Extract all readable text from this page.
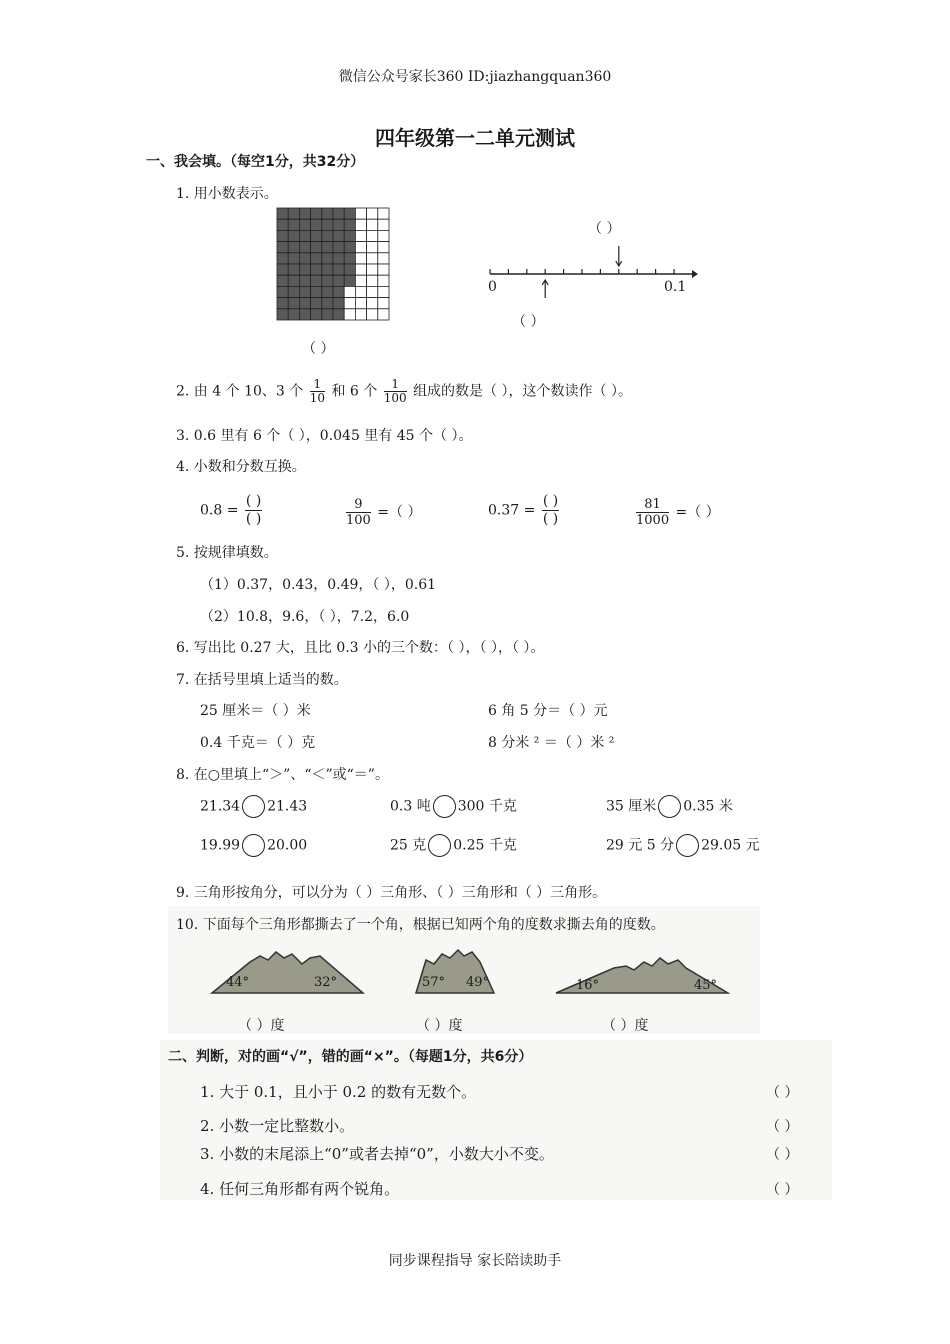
微信公众号家长360 ID:jiazhangquan360
四年级第一二单元测试
一、我会填。（每空1分，共32分）
1. 用小数表示。
（ ）
（ ）
0	0.1
（ ）
2. 由 4 个 10、3 个 $\frac{1}{10}$ 和 6 个 $\frac{1}{100}$ 组成的数是（ ），这个数读作（ ）。
3. 0.6 里有 6 个（ ），0.045 里有 45 个（ ）。
4. 小数和分数互换。
0.8 =
( )
( )	$\frac{9}{100}$ =（ ）	0.37 =
( )
( )	$\frac{81}{1000}$ =（ ）
5. 按规律填数。
（1）0.37，0.43，0.49，（ ），0.61
（2）10.8，9.6，（ ），7.2，6.0
6. 写出比 0.27 大，且比 0.3 小的三个数：（ ），（ ），（ ）。
7. 在括号里填上适当的数。
25 厘米＝（ ）米	6 角 5 分＝（ ）元
0.4 千克＝（ ）克	8 分米 ² ＝（ ）米 ²
8. 在○里填上“＞”、“＜”或“＝”。
21.34 21.43	0.3 吨 300 千克	35 厘米 0.35 米
19.99 20.00	25 克 0.25 千克	29 元 5 分 29.05 元
9. 三角形按角分，可以分为（ ）三角形、（ ）三角形和（ ）三角形。
10. 下面每个三角形都撕去了一个角，根据已知两个角的度数求撕去角的度数。
44°	32°	57° 49°	16°	45°
（ ）度	（ ）度	（ ）度
二、判断，对的画“√”，错的画“×”。（每题1分，共6分）
1. 大于 0.1，且小于 0.2 的数有无数个。	（ ）
2. 小数一定比整数小。	（ ）
3. 小数的末尾添上“0”或者去掉“0”，小数大小不变。	（ ）
4. 任何三角形都有两个锐角。	（ ）
同步课程指导 家长陪读助手
